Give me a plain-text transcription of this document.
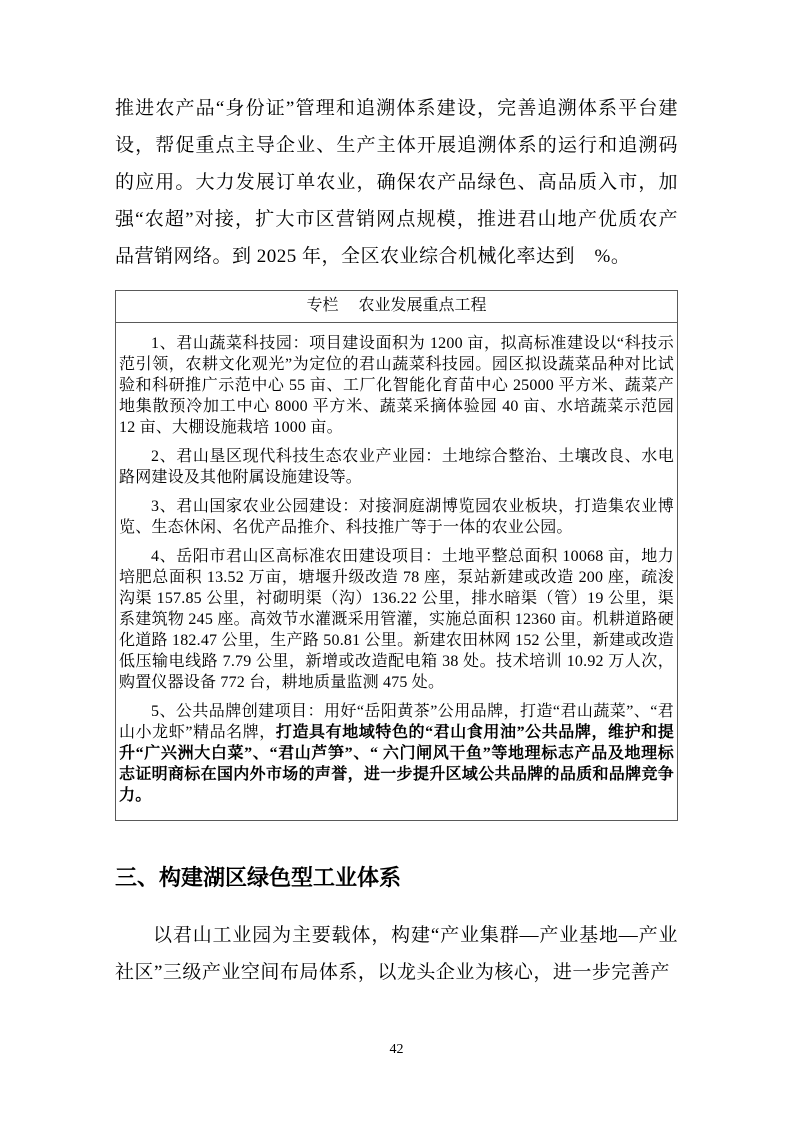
推进农产品“身份证”管理和追溯体系建设，完善追溯体系平台建设，帮促重点主导企业、生产主体开展追溯体系的运行和追溯码的应用。大力发展订单农业，确保农产品绿色、高品质入市，加强“农超”对接，扩大市区营销网点规模，推进君山地产优质农产品营销网络。到 2025 年，全区农业综合机械化率达到　%。

专栏　 农业发展重点工程

1、君山蔬菜科技园：项目建设面积为 1200 亩，拟高标准建设以“科技示范引领，农耕文化观光”为定位的君山蔬菜科技园。园区拟设蔬菜品种对比试验和科研推广示范中心 55 亩、工厂化智能化育苗中心 25000 平方米、蔬菜产地集散预冷加工中心 8000 平方米、蔬菜采摘体验园 40 亩、水培蔬菜示范园 12 亩、大棚设施栽培 1000 亩。

2、君山垦区现代科技生态农业产业园：土地综合整治、土壤改良、水电路网建设及其他附属设施建设等。

3、君山国家农业公园建设：对接洞庭湖博览园农业板块，打造集农业博览、生态休闲、名优产品推介、科技推广等于一体的农业公园。

4、岳阳市君山区高标准农田建设项目：土地平整总面积 10068 亩，地力培肥总面积 13.52 万亩，塘堰升级改造 78 座，泵站新建或改造 200 座，疏浚沟渠 157.85 公里，衬砌明渠（沟）136.22 公里，排水暗渠（管）19 公里，渠系建筑物 245 座。高效节水灌溉采用管灌，实施总面积 12360 亩。机耕道路硬化道路 182.47 公里，生产路 50.81 公里。新建农田林网 152 公里，新建或改造低压输电线路 7.79 公里，新增或改造配电箱 38 处。技术培训 10.92 万人次，购置仪器设备 772 台，耕地质量监测 475 处。

5、公共品牌创建项目：用好“岳阳黄茶”公用品牌，打造“君山蔬菜”、“君山小龙虾”精品名牌，打造具有地域特色的“君山食用油”公共品牌，维护和提升“广兴洲大白菜”、“君山芦笋”、“ 六门闸风干鱼”等地理标志产品及地理标志证明商标在国内外市场的声誉，进一步提升区域公共品牌的品质和品牌竞争力。

三、构建湖区绿色型工业体系

以君山工业园为主要载体，构建“产业集群—产业基地—产业社区”三级产业空间布局体系，以龙头企业为核心，进一步完善产

42
